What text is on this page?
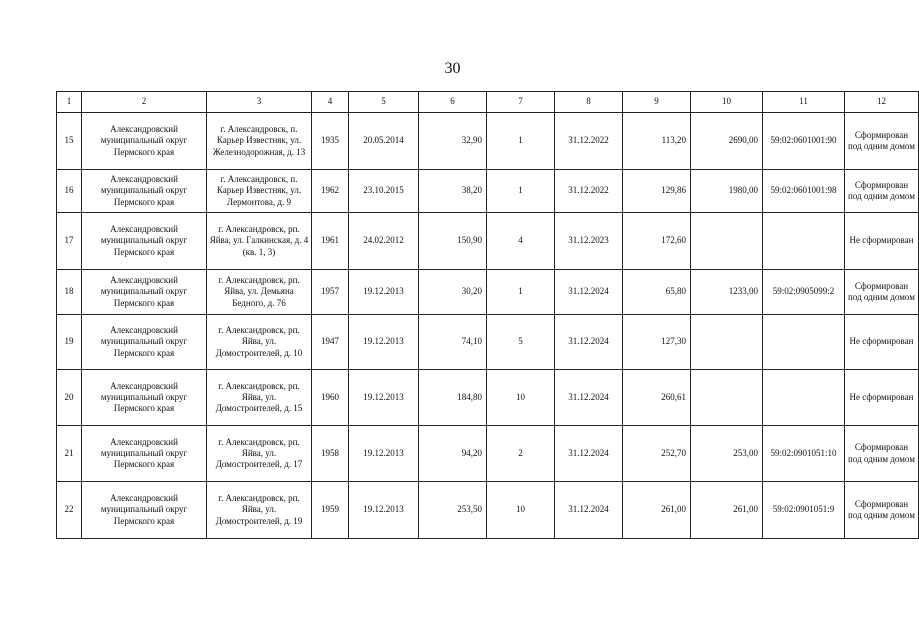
30
1	2	3	4	5	6	7	8	9	10	11	12
15	Александровский муниципальный округ Пермского края	г. Александровск, п. Карьер Известняк, ул. Железнодорожная, д. 13	1935	20.05.2014	32,90	1	31.12.2022	113,20	2690,00	59:02:0601001:90	Сформирован под одним домом
16	Александровский муниципальный округ Пермского края	г. Александровск, п. Карьер Известняк, ул. Лермонтова, д. 9	1962	23.10.2015	38,20	1	31.12.2022	129,86	1980,00	59:02:0601001:98	Сформирован под одним домом
17	Александровский муниципальный округ Пермского края	г. Александровск, рп. Яйва, ул. Галкинская, д. 4 (кв. 1, 3)	1961	24.02.2012	150,90	4	31.12.2023	172,60			Не сформирован
18	Александровский муниципальный округ Пермского края	г. Александровск, рп. Яйва, ул. Демьяна Бедного, д. 76	1957	19.12.2013	30,20	1	31.12.2024	65,80	1233,00	59:02:0905099:2	Сформирован под одним домом
19	Александровский муниципальный округ Пермского края	г. Александровск, рп. Яйва, ул. Домостроителей, д. 10	1947	19.12.2013	74,10	5	31.12.2024	127,30			Не сформирован
20	Александровский муниципальный округ Пермского края	г. Александровск, рп. Яйва, ул. Домостроителей, д. 15	1960	19.12.2013	184,80	10	31.12.2024	260,61			Не сформирован
21	Александровский муниципальный округ Пермского края	г. Александровск, рп. Яйва, ул. Домостроителей, д. 17	1958	19.12.2013	94,20	2	31.12.2024	252,70	253,00	59:02:0901051:10	Сформирован под одним домом
22	Александровский муниципальный округ Пермского края	г. Александровск, рп. Яйва, ул. Домостроителей, д. 19	1959	19.12.2013	253,50	10	31.12.2024	261,00	261,00	59:02:0901051:9	Сформирован под одним домом
